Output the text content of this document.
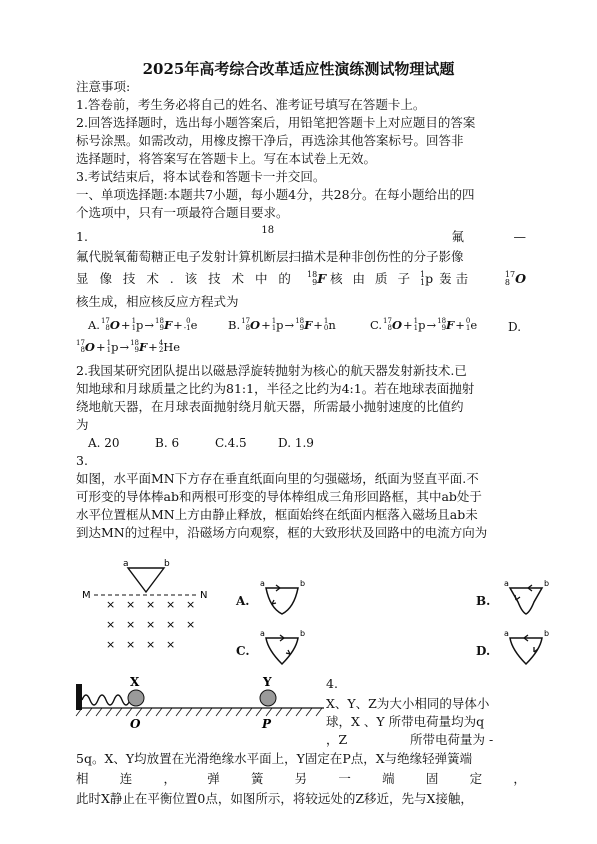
2025年高考综合改革适应性演练测试物理试题
注意事项:
1.答卷前，考生务必将自己的姓名、准考证号填写在答题卡上。
2.回答选择题时，选出每小题答案后，用铅笔把答题卡上对应题目的答案
标号涂黑。如需改动，用橡皮擦干净后，再选涂其他答案标号。回答非
选择题时，将答案写在答题卡上。写在本试卷上无效。
3.考试结束后，将本试卷和答题卡一并交回。
一、单项选择题:本题共7小题，每小题4分，共28分。在每小题给出的四
个选项中，只有一项最符合题目要求。
1.	18	氟	—
氟代脱氧葡萄糖正电子发射计算机断层扫描术是种非创伤性的分子影像
显 像 技 术 . 该 技 术 中 的 18
9 F 核 由 质 子 1
1 p 轰 击	17
8 O
核生成，相应核反应方程式为
A. 17
8 O + 1
1 p → 18
9 F + 0
-1 e	B. 17
8 O + 1
1 p → 18
9 F + 1
0 n	C. 17
8 O + 1
1 p → 18
9 F + 0
1 e
17
8 O + 1
1 p → 18
9 F + 4
2 He
D.
2.我国某研究团队提出以磁悬浮旋转抛射为核心的航天器发射新技术.已
知地球和月球质量之比约为81:1，半径之比约为4:1。若在地球表面抛射
绕地航天器，在月球表面抛射绕月航天器，所需最小抛射速度的比值约
为
A. 20	B. 6	C.4.5	D. 1.9
3.
如图，水平面MN下方存在垂直纸面向里的匀强磁场，纸面为竖直平面.不
可形变的导体棒ab和两根可形变的导体棒组成三角形回路框，其中ab处于
水平位置框从MN上方由静止释放，框面始终在纸面内框落入磁场且ab未
到达MN的过程中，沿磁场方向观察，框的大致形状及回路中的电流方向为
a	b
M	N
× × × × ×
× × × × ×
× × × ×
A.
a	b
B.
a	b
C.
a	b
D.
a	b
X	Y
O	P
4.
X、Y、Z为大小相同的导体小
球，X 、Y 所带电荷量均为q
，Z	所带电荷量为 -
5q。X、Y均放置在光滑绝缘水平面上，Y固定在P点，X与绝缘轻弹簧端
相 连 ， 弹 簧 另 一 端 固 定 ，
此时X静止在平衡位置0点，如图所示，将较远处的Z移近，先与X接触，
